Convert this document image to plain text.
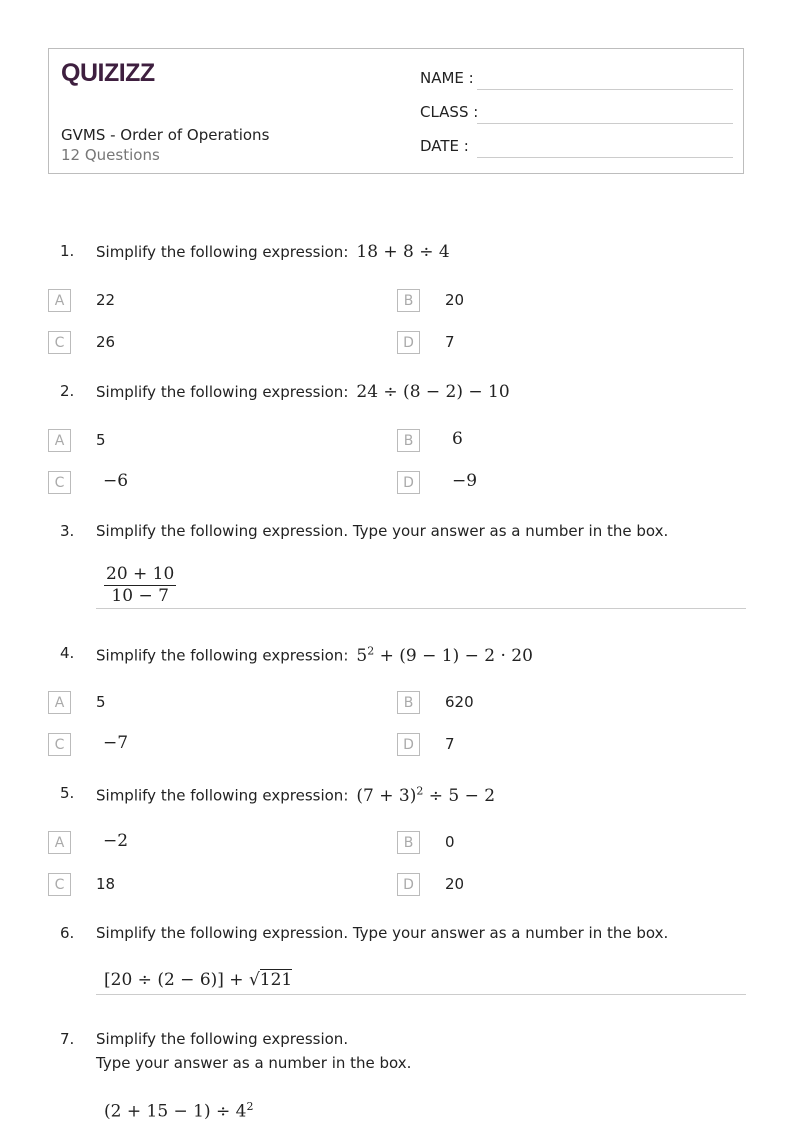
QUIZIZZ
GVMS - Order of Operations
12 Questions
NAME :
CLASS :
DATE :
1. Simplify the following expression: 18 + 8 ÷ 4
A	22	B	20
C	26	D	7
2. Simplify the following expression: 24 ÷ (8 − 2) − 10
A	5	B	6
C	−6	D	−9
3. Simplify the following expression. Type your answer as a number in the box.
$\frac{20 + 10}{10 - 7}$
4. Simplify the following expression: $5^2 + (9 - 1) - 2 \cdot 20$
A	5	B	620
C	−7	D	7
5. Simplify the following expression: $(7 + 3)^2 \div 5 - 2$
A	−2	B	0
C	18	D	20
6. Simplify the following expression. Type your answer as a number in the box.
[20 ÷ (2 − 6)] + √121
7. Simplify the following expression.
Type your answer as a number in the box.
$(2 + 15 - 1) \div 4^2$
